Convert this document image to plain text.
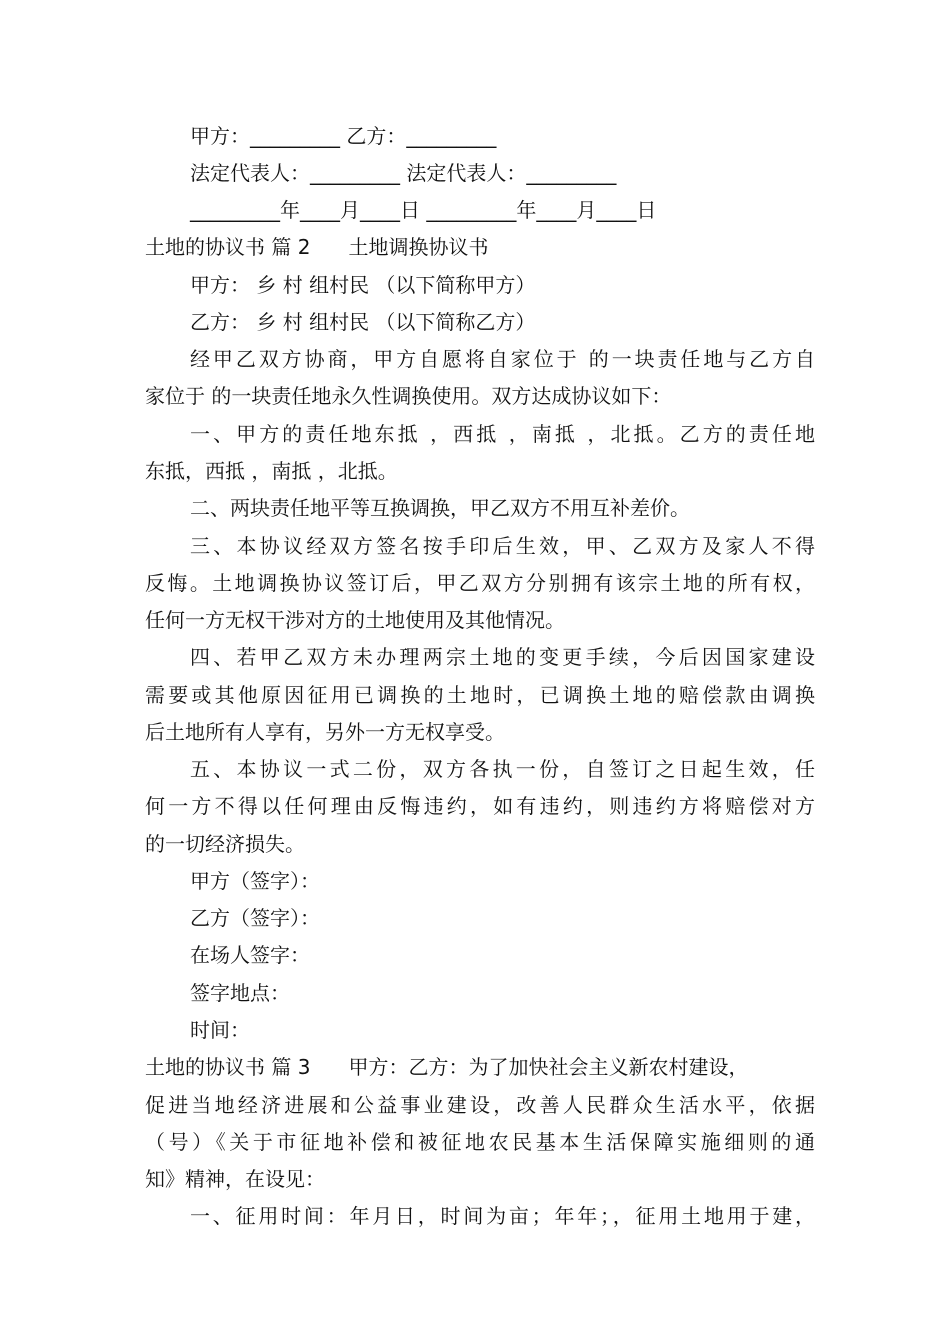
甲方：_________ 乙方：_________
法定代表人：_________ 法定代表人：_________
_________年____月____日 _________年____月____日
土地的协议书 篇 2 土地调换协议书
甲方： 乡 村 组村民 （以下简称甲方）
乙方： 乡 村 组村民 （以下简称乙方）
经甲乙双方协商，甲方自愿将自家位于 的一块责任地与乙方自
家位于 的一块责任地永久性调换使用。双方达成协议如下：
一、甲方的责任地东抵 ，西抵 ，南抵 ，北抵。乙方的责任地
东抵，西抵 ，南抵 ，北抵。
二、两块责任地平等互换调换，甲乙双方不用互补差价。
三、本协议经双方签名按手印后生效，甲、乙双方及家人不得
反悔。土地调换协议签订后，甲乙双方分别拥有该宗土地的所有权，
任何一方无权干涉对方的土地使用及其他情况。
四、若甲乙双方未办理两宗土地的变更手续，今后因国家建设
需要或其他原因征用已调换的土地时，已调换土地的赔偿款由调换
后土地所有人享有，另外一方无权享受。
五、本协议一式二份，双方各执一份，自签订之日起生效，任
何一方不得以任何理由反悔违约，如有违约，则违约方将赔偿对方
的一切经济损失。
甲方（签字）：
乙方（签字）：
在场人签字：
签字地点：
时间：
土地的协议书 篇 3 甲方：乙方：为了加快社会主义新农村建设，
促进当地经济进展和公益事业建设，改善人民群众生活水平，依据
（号）《关于市征地补偿和被征地农民基本生活保障实施细则的通
知》精神，在设见：
一、征用时间：年月日，时间为亩；年年；，征用土地用于建，
